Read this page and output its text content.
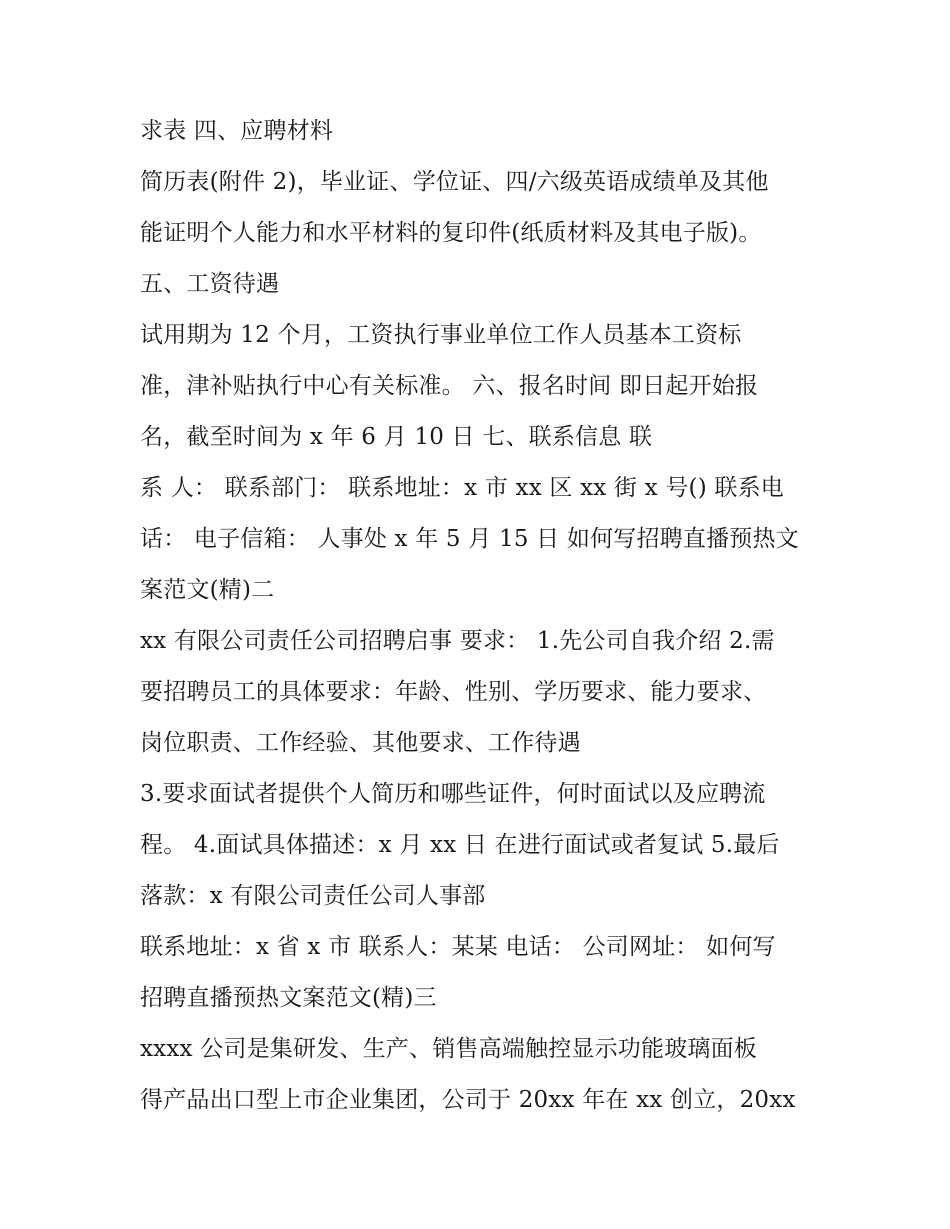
求表 四、应聘材料
简历表(附件 2)，毕业证、学位证、四/六级英语成绩单及其他
能证明个人能力和水平材料的复印件(纸质材料及其电子版)。
五、工资待遇
试用期为 12 个月，工资执行事业单位工作人员基本工资标
准，津补贴执行中心有关标准。 六、报名时间 即日起开始报
名，截至时间为 x 年 6 月 10 日 七、联系信息 联
系 人： 联系部门： 联系地址：x 市 xx 区 xx 街 x 号() 联系电
话： 电子信箱： 人事处 x 年 5 月 15 日 如何写招聘直播预热文
案范文(精)二
xx 有限公司责任公司招聘启事 要求： 1.先公司自我介绍 2.需
要招聘员工的具体要求：年龄、性别、学历要求、能力要求、
岗位职责、工作经验、其他要求、工作待遇
3.要求面试者提供个人简历和哪些证件，何时面试以及应聘流
程。 4.面试具体描述：x 月 xx 日 在进行面试或者复试 5.最后
落款：x 有限公司责任公司人事部
联系地址：x 省 x 市 联系人：某某 电话： 公司网址： 如何写
招聘直播预热文案范文(精)三
xxxx 公司是集研发、生产、销售高端触控显示功能玻璃面板
得产品出口型上市企业集团，公司于 20xx 年在 xx 创立，20xx
